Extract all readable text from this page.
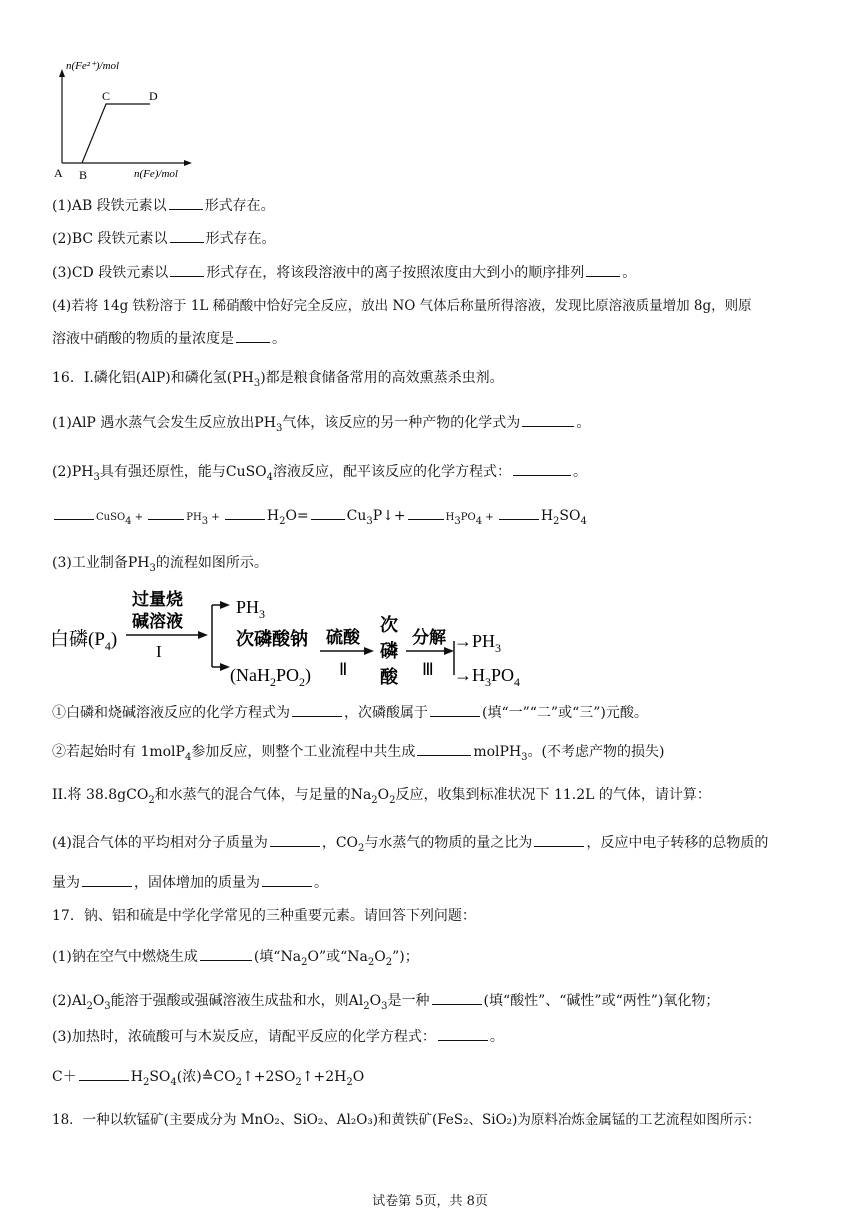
n(Fe²⁺)/mol
A B
C	D
n(Fe)/mol
(1)AB 段铁元素以	形式存在。
(2)BC 段铁元素以	形式存在。
(3)CD 段铁元素以	形式存在，将该段溶液中的离子按照浓度由大到小的顺序排列	。
(4)若将 14g 铁粉溶于 1L 稀硝酸中恰好完全反应，放出 NO 气体后称量所得溶液，发现比原溶液质量增加 8g，则原
溶液中硝酸的物质的量浓度是	。
16．I.磷化铝(AlP)和磷化氢$(PH_3)$都是粮食储备常用的高效熏蒸杀虫剂。
(1)AlP 遇水蒸气会发生反应放出$PH_3$气体，该反应的另一种产物的化学式为	。
$(2)PH_3$具有强还原性，能与CuSO$_4$溶液反应，配平该反应的化学方程式：	。
CuSO$_4$ +	$PH_3$ +	$H_2O=$	$Cu_3P↓+$	$H_3PO_4$ +	$H_2SO_4$
(3)工业制备$PH_3$的流程如图所示。
白磷$(P_4)$
过量烧
碱溶液
I
$PH_3$
次磷酸钠
$(NaH_2PO_2)$
硫酸
Ⅱ
次
磷
酸
分解
Ⅲ
$\to PH_3$
$\to H_3PO_4$
①白磷和烧碱溶液反应的化学方程式为	，次磷酸属于	(填“一”“二”或“三”)元酸。
②若起始时有 1molP$_4$参加反应，则整个工业流程中共生成	molPH$_3$。(不考虑产物的损失)
II.将 38.8gCO$_2$和水蒸气的混合气体，与足量的$Na_2O_2$反应，收集到标准状况下 11.2L 的气体，请计算：
(4)混合气体的平均相对分子质量为	，$CO_2$与水蒸气的物质的量之比为	，反应中电子转移的总物质的
量为	，固体增加的质量为	。
17．钠、铝和硫是中学化学常见的三种重要元素。请回答下列问题：
(1)钠在空气中燃烧生成	(填“$Na_2O$”或“$Na_2O_2$”)；
$(2)Al_2O_3$能溶于强酸或强碱溶液生成盐和水，则$Al_2O_3$是一种	(填“酸性”、“碱性”或“两性”)氧化物；
(3)加热时，浓硫酸可与木炭反应，请配平反应的化学方程式：	。
C＋	$H_2SO_4$(浓)$≙CO_2↑+2SO_2↑+2H_2O$
18．一种以软锰矿(主要成分为 MnO₂、SiO₂、Al₂O₃)和黄铁矿(FeS₂、SiO₂)为原料冶炼金属锰的工艺流程如图所示：
试卷第 5页，共 8页
